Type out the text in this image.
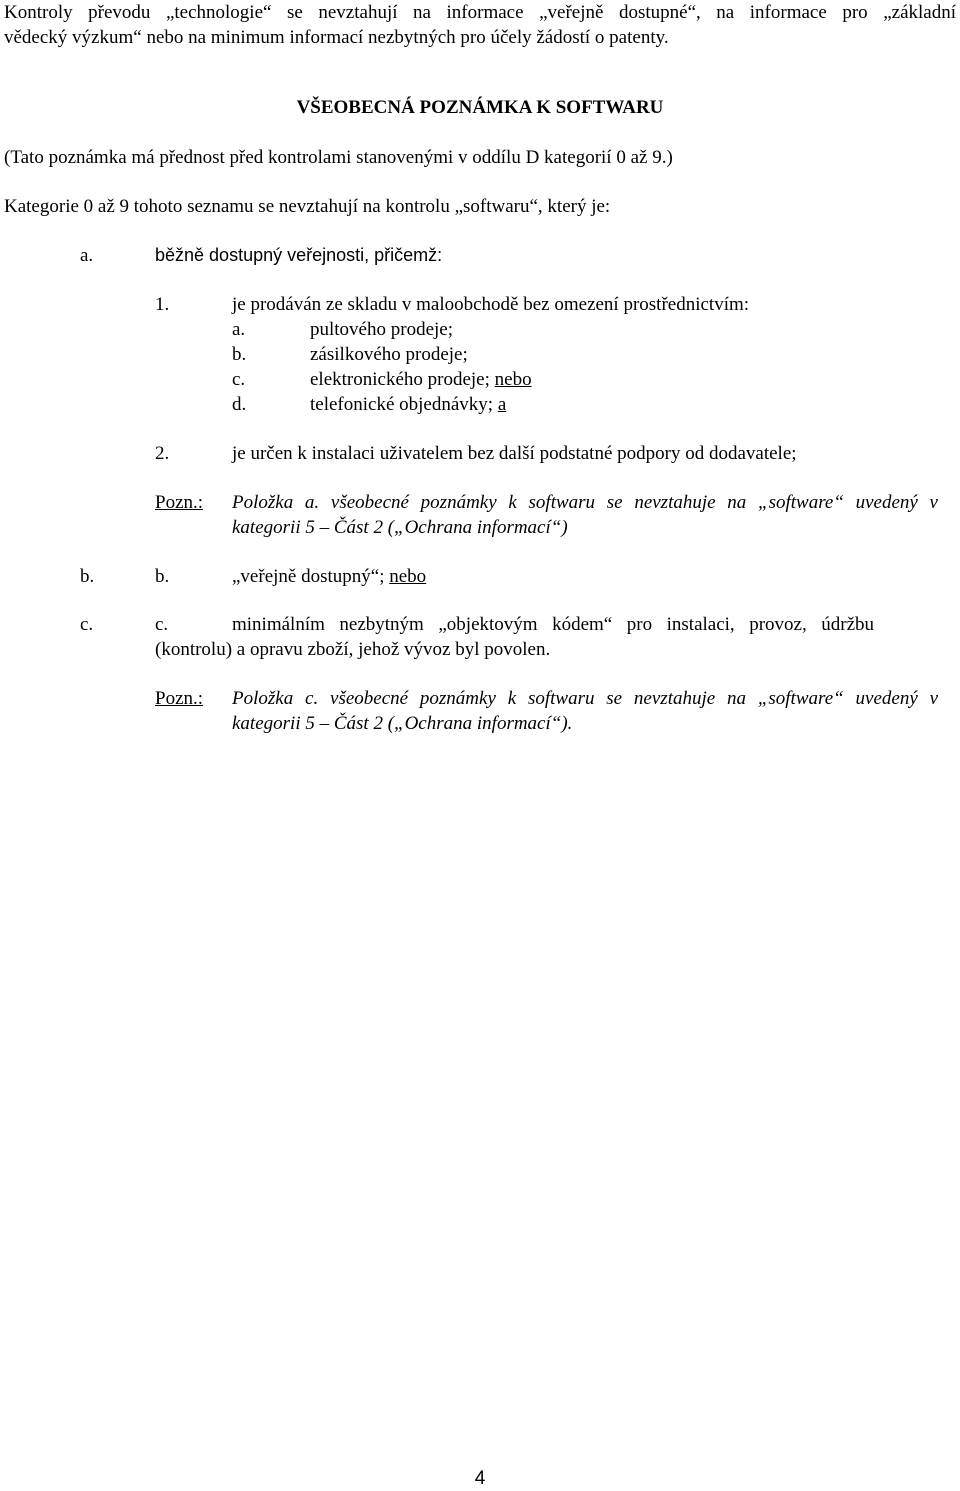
Kontroly převodu „technologie“ se nevztahují na informace „veřejně dostupné“, na informace pro „základní
vědecký výzkum“ nebo na minimum informací nezbytných pro účely žádostí o patenty.
VŠEOBECNÁ POZNÁMKA K SOFTWARU
(Tato poznámka má přednost před kontrolami stanovenými v oddílu D kategorií 0 až 9.)
Kategorie 0 až 9 tohoto seznamu se nevztahují na kontrolu „softwaru“, který je:
a.	běžně dostupný veřejnosti, přičemž:
1.	je prodáván ze skladu v maloobchodě bez omezení prostřednictvím:
a.	pultového prodeje;
b.	zásilkového prodeje;
c.	elektronického prodeje; nebo
d.	telefonické objednávky; a
2.	je určen k instalaci uživatelem bez další podstatné podpory od dodavatele;
Pozn.: Položka a. všeobecné poznámky k softwaru se nevztahuje na „software“ uvedený v
kategorii 5 – Část 2 („Ochrana informací“)
b.	b.	„veřejně dostupný“; nebo
c.	c.	minimálním nezbytným „objektovým kódem“ pro instalaci, provoz, údržbu
(kontrolu) a opravu zboží, jehož vývoz byl povolen.
Pozn.: Položka c. všeobecné poznámky k softwaru se nevztahuje na „software“ uvedený v
kategorii 5 – Část 2 („Ochrana informací“).
4
